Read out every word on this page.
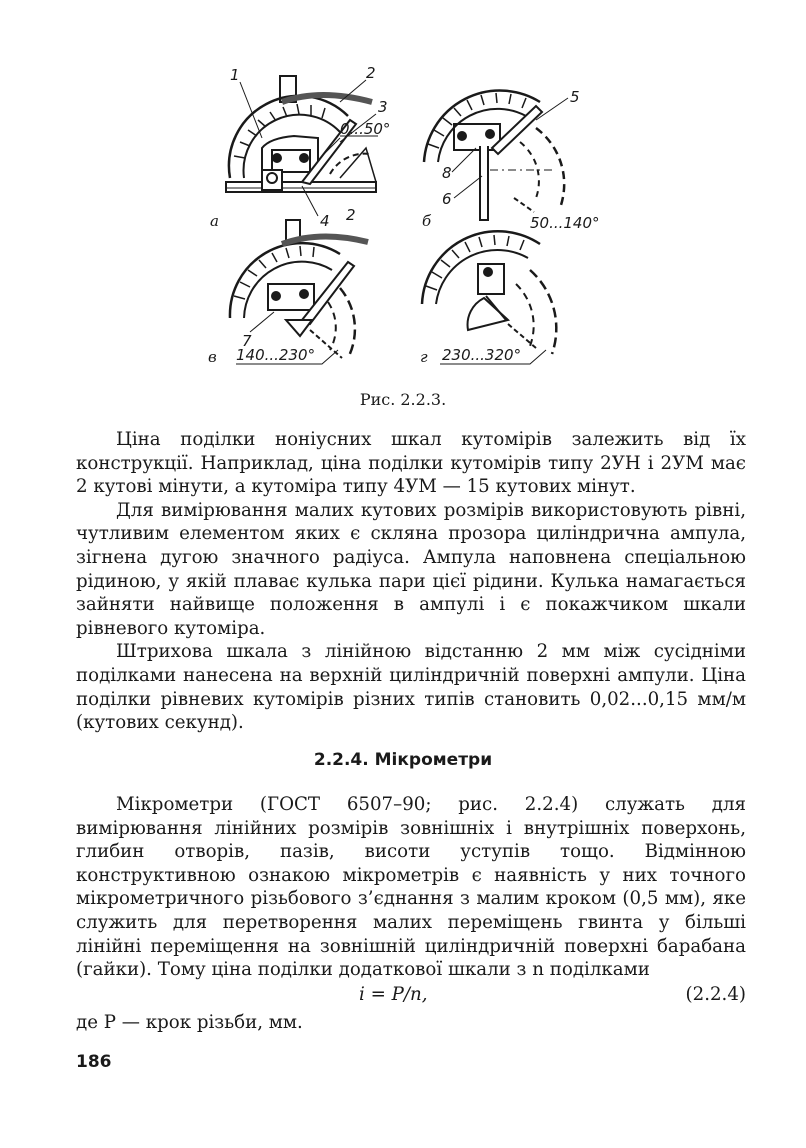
1	2
3
0...50°
4
а
5
8
6
б	50...140°
2
7
в 140...230°	г 230...320°
Рис. 2.2.3.

Ціна поділки ноніусних шкал кутомірів залежить від їх конструкції. Наприклад, ціна поділки кутомірів типу 2УН і 2УМ має 2 кутові мінути, а кутоміра типу 4УМ — 15 кутових мінут.

Для вимірювання малих кутових розмірів використовують рівні, чутливим елементом яких є скляна прозора циліндрична ампула, зігнена дугою значного радіуса. Ампула наповнена спеціальною рідиною, у якій плаває кулька пари цієї рідини. Кулька намагається зайняти найвище положення в ампулі і є покажчиком шкали рівневого кутоміра.

Штрихова шкала з лінійною відстанню 2 мм між сусідніми поділками нанесена на верхній циліндричній поверхні ампули. Ціна поділки рівневих кутомірів різних типів становить 0,02...0,15 мм/м (кутових секунд).

2.2.4. Мікрометри

Мікрометри (ГОСТ 6507–90; рис. 2.2.4) служать для вимірювання лінійних розмірів зовнішніх і внутрішніх поверхонь, глибин отворів, пазів, висоти уступів тощо. Відмінною конструктивною ознакою мікрометрів є наявність у них точного мікрометричного різьбового з’єднання з малим кроком (0,5 мм), яке служить для перетворення малих переміщень гвинта у більші лінійні переміщення на зовнішній циліндричній поверхні барабана (гайки). Тому ціна поділки додаткової шкали з n поділками

i = P/n,	(2.2.4)
де P — крок різьби, мм.
186
